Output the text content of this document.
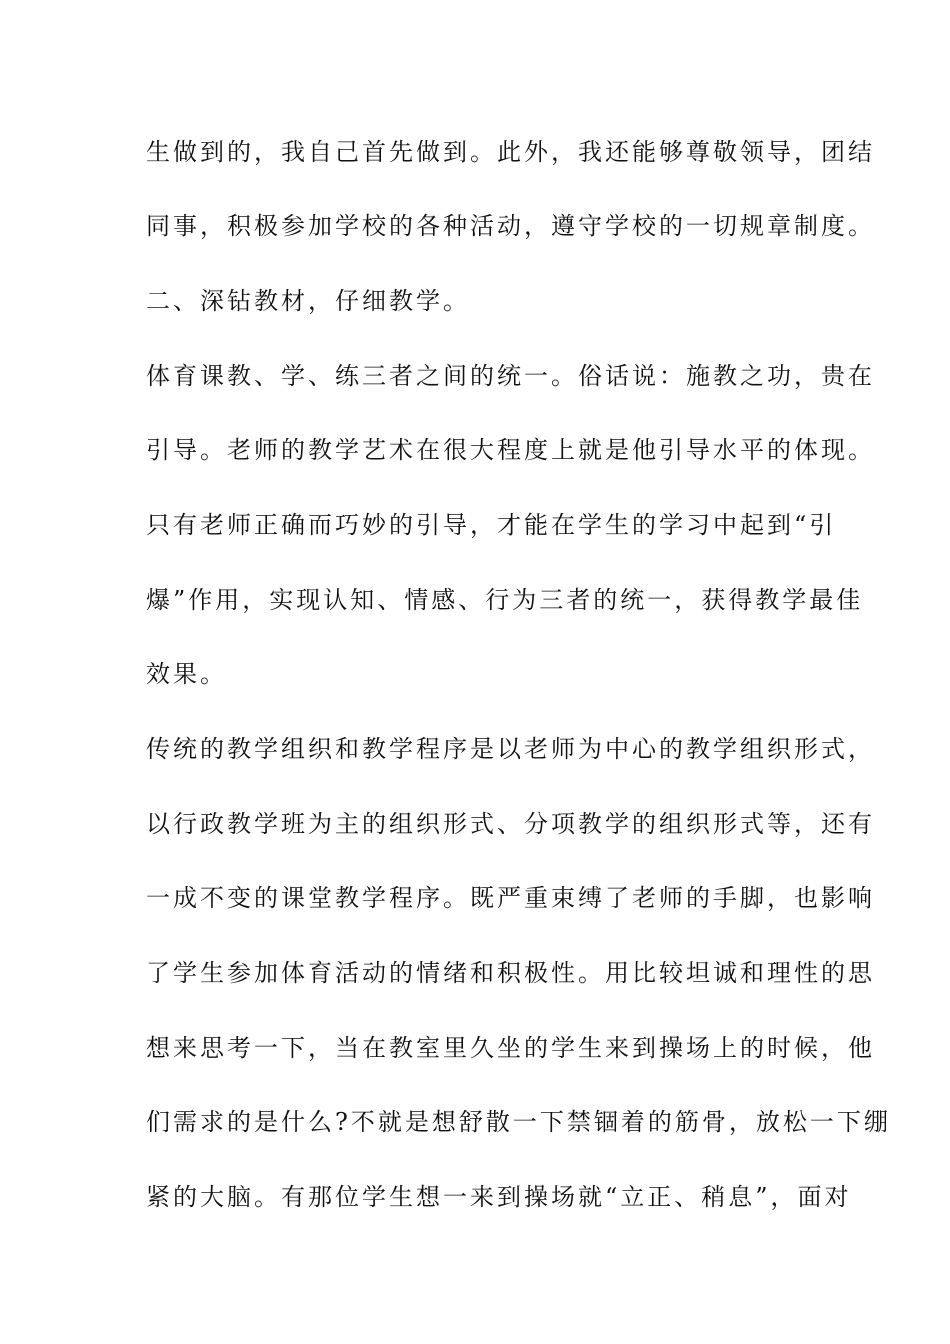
生做到的，我自己首先做到。此外，我还能够尊敬领导，团结

同事，积极参加学校的各种活动，遵守学校的一切规章制度。

二、深钻教材，仔细教学。

体育课教、学、练三者之间的统一。俗话说：施教之功，贵在

引导。老师的教学艺术在很大程度上就是他引导水平的体现。

只有老师正确而巧妙的引导，才能在学生的学习中起到“引

爆”作用，实现认知、情感、行为三者的统一，获得教学最佳

效果。

传统的教学组织和教学程序是以老师为中心的教学组织形式，

以行政教学班为主的组织形式、分项教学的组织形式等，还有

一成不变的课堂教学程序。既严重束缚了老师的手脚，也影响

了学生参加体育活动的情绪和积极性。用比较坦诚和理性的思

想来思考一下，当在教室里久坐的学生来到操场上的时候，他

们需求的是什么?不就是想舒散一下禁锢着的筋骨，放松一下绷

紧的大脑。有那位学生想一来到操场就“立正、稍息”，面对
